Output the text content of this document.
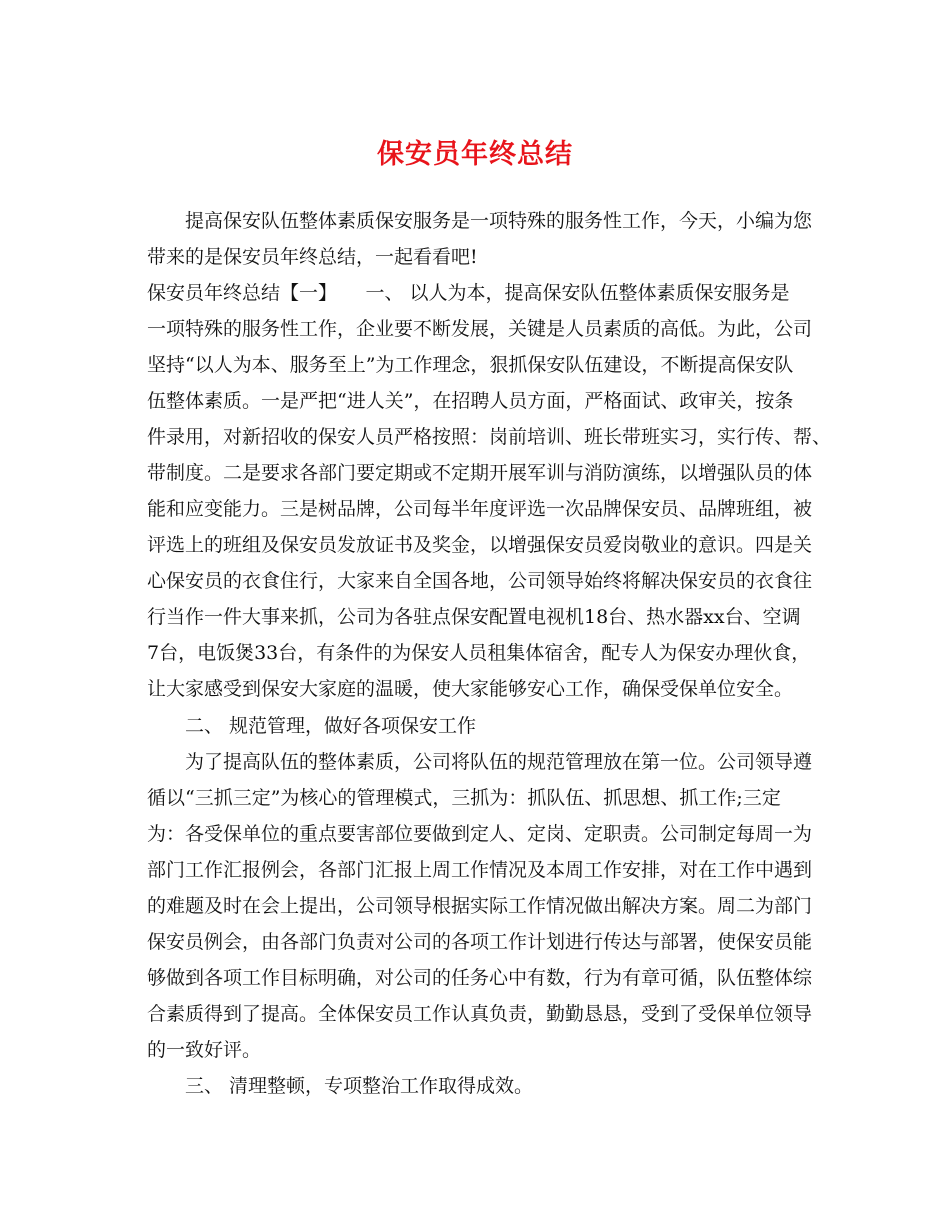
保安员年终总结
提高保安队伍整体素质保安服务是一项特殊的服务性工作，今天，小编为您
带来的是保安员年终总结，一起看看吧!
保安员年终总结【一】　　一、 以人为本，提高保安队伍整体素质保安服务是
一项特殊的服务性工作，企业要不断发展，关键是人员素质的高低。为此，公司
坚持“以人为本、服务至上”为工作理念，狠抓保安队伍建设，不断提高保安队
伍整体素质。一是严把“进人关”，在招聘人员方面，严格面试、政审关，按条
件录用，对新招收的保安人员严格按照：岗前培训、班长带班实习，实行传、帮、
带制度。二是要求各部门要定期或不定期开展军训与消防演练，以增强队员的体
能和应变能力。三是树品牌，公司每半年度评选一次品牌保安员、品牌班组，被
评选上的班组及保安员发放证书及奖金，以增强保安员爱岗敬业的意识。四是关
心保安员的衣食住行，大家来自全国各地，公司领导始终将解决保安员的衣食往
行当作一件大事来抓，公司为各驻点保安配置电视机18台、热水器xx台、空调
7台，电饭煲33台，有条件的为保安人员租集体宿舍，配专人为保安办理伙食，
让大家感受到保安大家庭的温暖，使大家能够安心工作，确保受保单位安全。
二、 规范管理，做好各项保安工作
为了提高队伍的整体素质，公司将队伍的规范管理放在第一位。公司领导遵
循以“三抓三定”为核心的管理模式，三抓为：抓队伍、抓思想、抓工作;三定
为：各受保单位的重点要害部位要做到定人、定岗、定职责。公司制定每周一为
部门工作汇报例会，各部门汇报上周工作情况及本周工作安排，对在工作中遇到
的难题及时在会上提出，公司领导根据实际工作情况做出解决方案。周二为部门
保安员例会，由各部门负责对公司的各项工作计划进行传达与部署，使保安员能
够做到各项工作目标明确，对公司的任务心中有数，行为有章可循，队伍整体综
合素质得到了提高。全体保安员工作认真负责，勤勤恳恳，受到了受保单位领导
的一致好评。
三、 清理整顿，专项整治工作取得成效。
